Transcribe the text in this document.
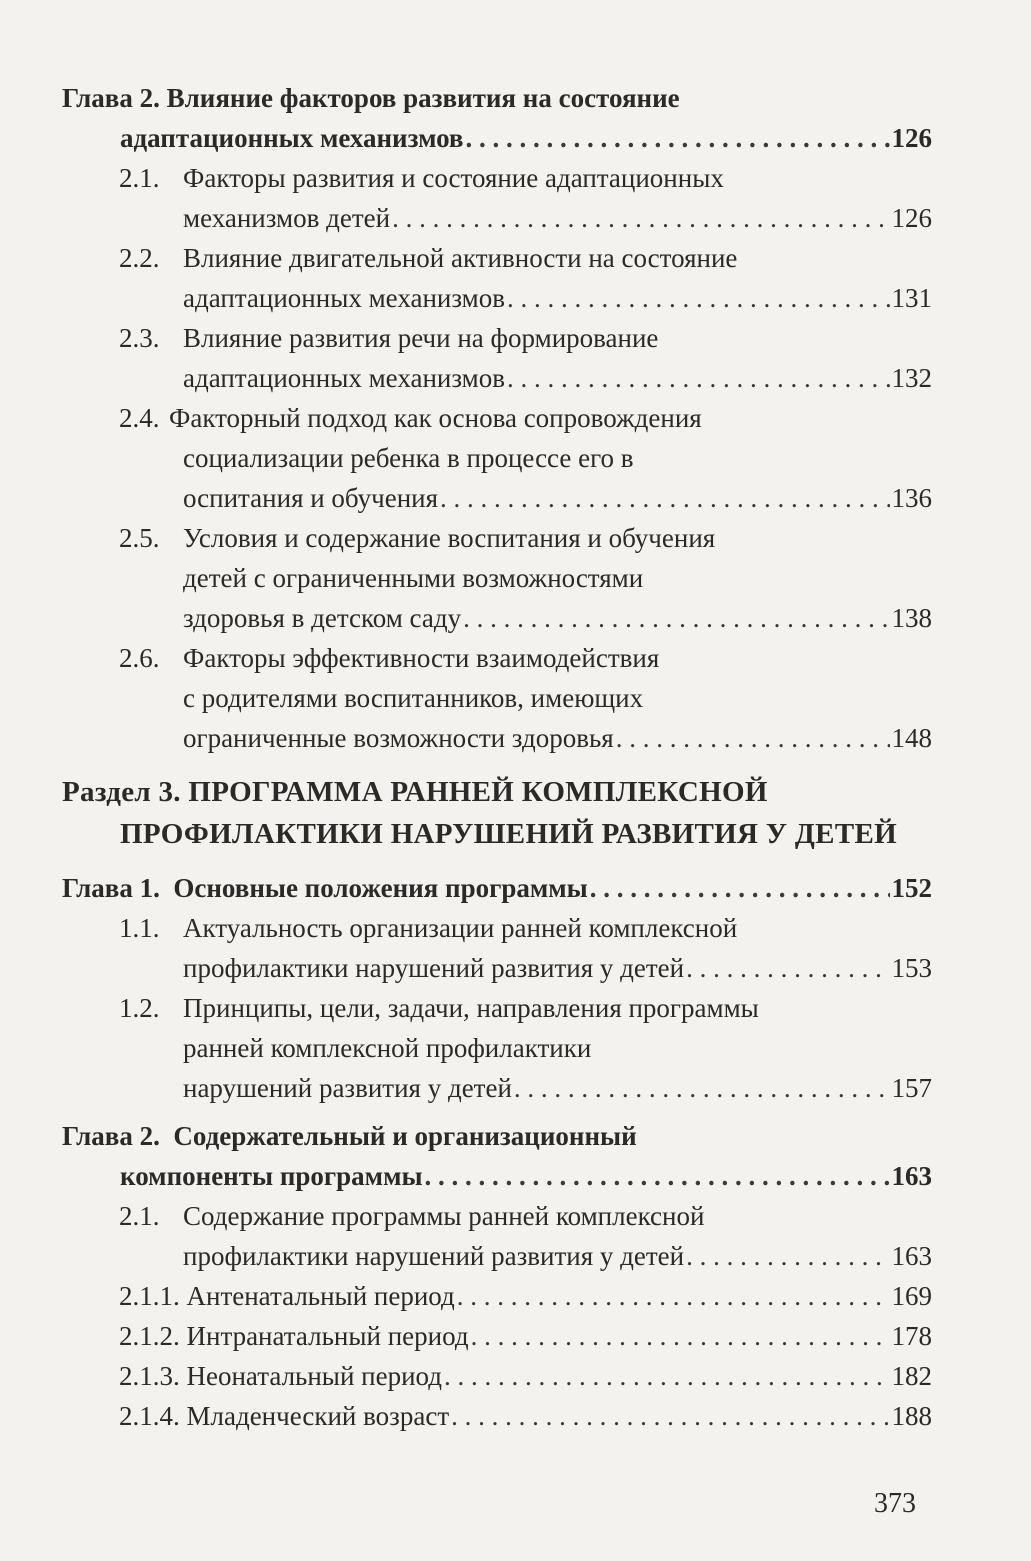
Глава 2. Влияние факторов развития на состояние
адаптационных механизмов . . .	126
2.1. Факторы развития и состояние адаптационных
механизмов детей . . .	126
2.2. Влияние двигательной активности на состояние
адаптационных механизмов . . .	131
2.3. Влияние развития речи на формирование
адаптационных механизмов . . .	132
2.4. Факторный подход как основа сопровождения
социализации ребенка в процессе его в
оспитания и обучения . . .	136
2.5. Условия и содержание воспитания и обучения
детей с ограниченными возможностями
здоровья в детском саду . . .	138
2.6. Факторы эффективности взаимодействия
с родителями воспитанников, имеющих
ограниченные возможности здоровья . . .	148
Раздел 3. ПРОГРАММА РАННЕЙ КОМПЛЕКСНОЙ
ПРОФИЛАКТИКИ НАРУШЕНИЙ РАЗВИТИЯ У ДЕТЕЙ
Глава 1.  Основные положения программы . . .	152
1.1. Актуальность организации ранней комплексной
профилактики нарушений развития у детей . . .	153
1.2. Принципы, цели, задачи, направления программы
ранней комплексной профилактики
нарушений развития у детей . . .	157
Глава 2.  Содержательный и организационный
компоненты программы . . .	163
2.1. Содержание программы ранней комплексной
профилактики нарушений развития у детей . . .	163
2.1.1. Антенатальный период . . .	169
2.1.2. Интранатальный период . . .	178
2.1.3. Неонатальный период . . .	182
2.1.4. Младенческий возраст . . .	188
373
